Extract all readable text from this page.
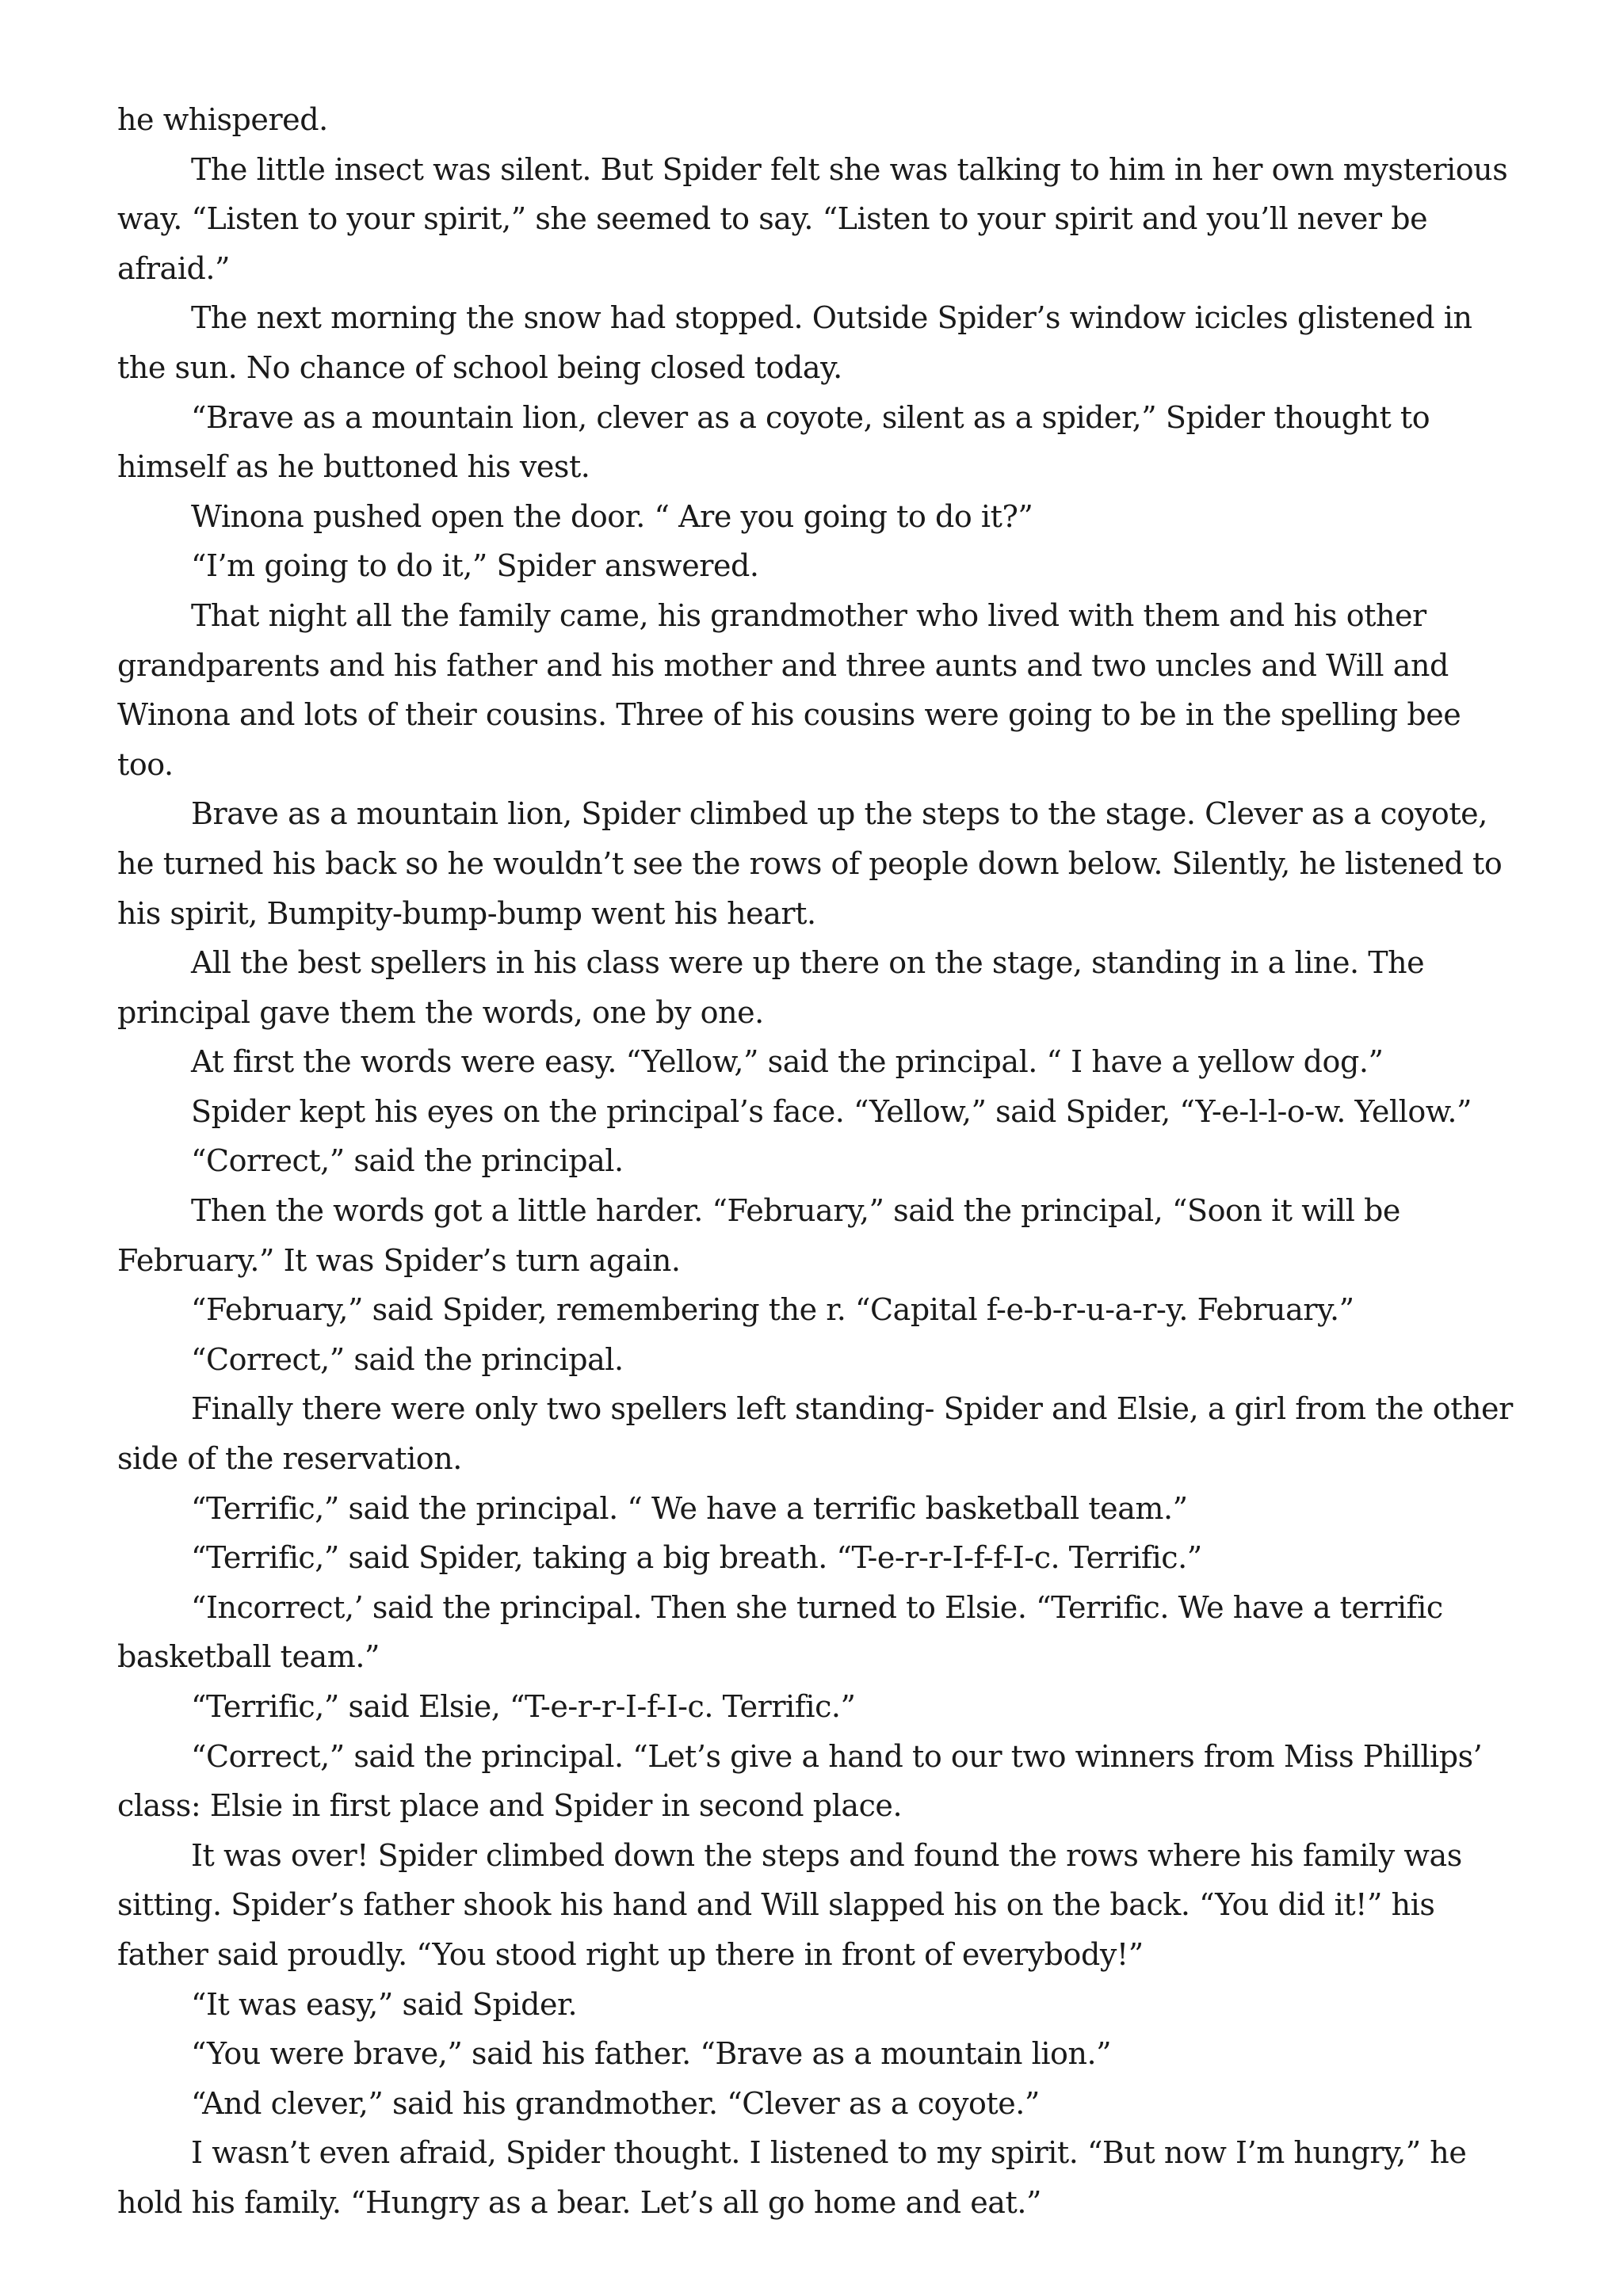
he whispered.

The little insect was silent. But Spider felt she was talking to him in her own mysterious way. “Listen to your spirit,” she seemed to say. “Listen to your spirit and you’ll never be afraid.”

The next morning the snow had stopped. Outside Spider’s window icicles glistened in the sun. No chance of school being closed today.

“Brave as a mountain lion, clever as a coyote, silent as a spider,” Spider thought to himself as he buttoned his vest.

Winona pushed open the door. “ Are you going to do it?”

“I’m going to do it,” Spider answered.

That night all the family came, his grandmother who lived with them and his other grandparents and his father and his mother and three aunts and two uncles and Will and Winona and lots of their cousins. Three of his cousins were going to be in the spelling bee too.

Brave as a mountain lion, Spider climbed up the steps to the stage. Clever as a coyote, he turned his back so he wouldn’t see the rows of people down below. Silently, he listened to his spirit, Bumpity-bump-bump went his heart.

All the best spellers in his class were up there on the stage, standing in a line. The principal gave them the words, one by one.

At first the words were easy. “Yellow,” said the principal. “ I have a yellow dog.”

Spider kept his eyes on the principal’s face. “Yellow,” said Spider, “Y-e-l-l-o-w. Yellow.”

“Correct,” said the principal.

Then the words got a little harder. “February,” said the principal, “Soon it will be February.” It was Spider’s turn again.

“February,” said Spider, remembering the r. “Capital f-e-b-r-u-a-r-y. February.”

“Correct,” said the principal.

Finally there were only two spellers left standing- Spider and Elsie, a girl from the other side of the reservation.

“Terrific,” said the principal. “ We have a terrific basketball team.”

“Terrific,” said Spider, taking a big breath. “T-e-r-r-I-f-f-I-c. Terrific.”

“Incorrect,’ said the principal. Then she turned to Elsie. “Terrific. We have a terrific basketball team.”

“Terrific,” said Elsie, “T-e-r-r-I-f-I-c. Terrific.”

“Correct,” said the principal. “Let’s give a hand to our two winners from Miss Phillips’ class: Elsie in first place and Spider in second place.

It was over! Spider climbed down the steps and found the rows where his family was sitting. Spider’s father shook his hand and Will slapped his on the back. “You did it!” his father said proudly. “You stood right up there in front of everybody!”

“It was easy,” said Spider.

“You were brave,” said his father. “Brave as a mountain lion.”

“And clever,” said his grandmother. “Clever as a coyote.”

I wasn’t even afraid, Spider thought. I listened to my spirit. “But now I’m hungry,” he hold his family. “Hungry as a bear. Let’s all go home and eat.”
